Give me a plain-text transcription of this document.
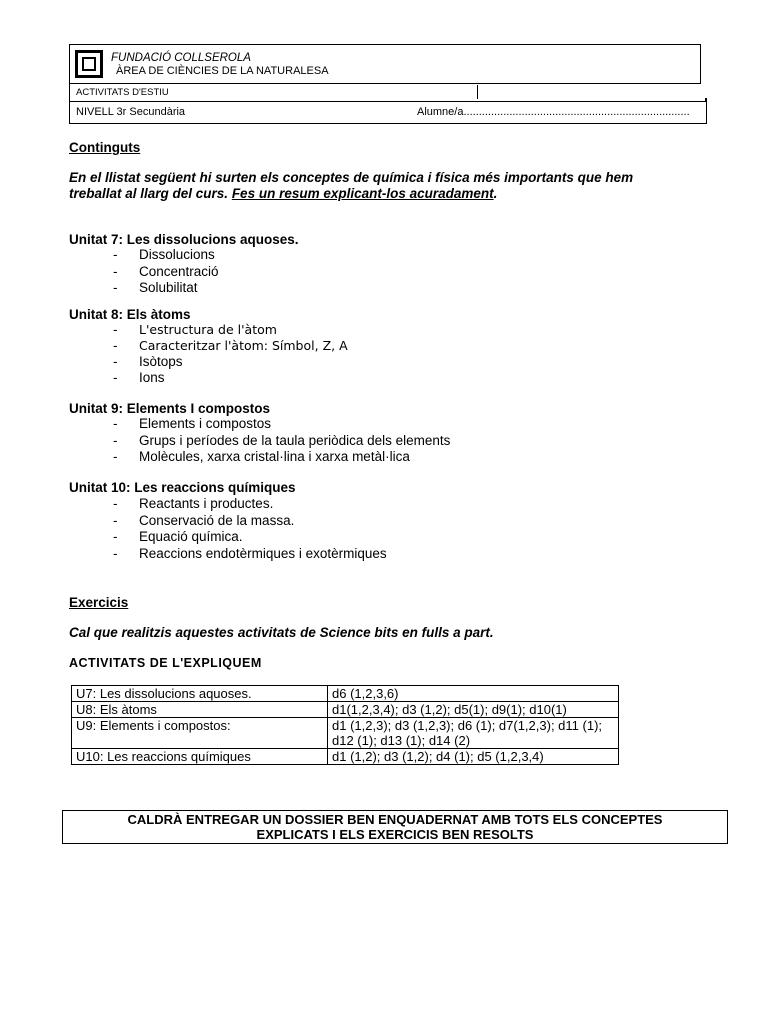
FUNDACIÓ COLLSEROLA
ÀREA DE CIÈNCIES DE LA NATURALESA
ACTIVITATS D'ESTIU
NIVELL 3r Secundària	Alumne/a..........................................................................
Continguts
En el llistat següent hi surten els conceptes de química i física més importants que hem
treballat al llarg del curs. Fes un resum explicant-los acuradament.
Unitat 7: Les dissolucions aquoses.
- Dissolucions
- Concentració
- Solubilitat
Unitat 8: Els àtoms
- L'estructura de l'àtom
- Caracteritzar l'àtom: Símbol, Z, A
- Isòtops
- Ions
Unitat 9: Elements I compostos
- Elements i compostos
- Grups i períodes de la taula periòdica dels elements
- Molècules, xarxa cristal·lina i xarxa metàl·lica
Unitat 10: Les reaccions químiques
- Reactants i productes.
- Conservació de la massa.
- Equació química.
- Reaccions endotèrmiques i exotèrmiques
Exercicis
Cal que realitzis aquestes activitats de Science bits en fulls a part.
ACTIVITATS DE L'EXPLIQUEM
U7: Les dissolucions aquoses.	d6 (1,2,3,6)
U8: Els àtoms	d1(1,2,3,4); d3 (1,2); d5(1); d9(1); d10(1)
U9: Elements i compostos:	d1 (1,2,3); d3 (1,2,3); d6 (1); d7(1,2,3); d11 (1); d12 (1); d13 (1); d14 (2)
U10: Les reaccions químiques	d1 (1,2); d3 (1,2); d4 (1); d5 (1,2,3,4)
CALDRÀ ENTREGAR UN DOSSIER BEN ENQUADERNAT AMB TOTS ELS CONCEPTES
EXPLICATS I ELS EXERCICIS BEN RESOLTS
